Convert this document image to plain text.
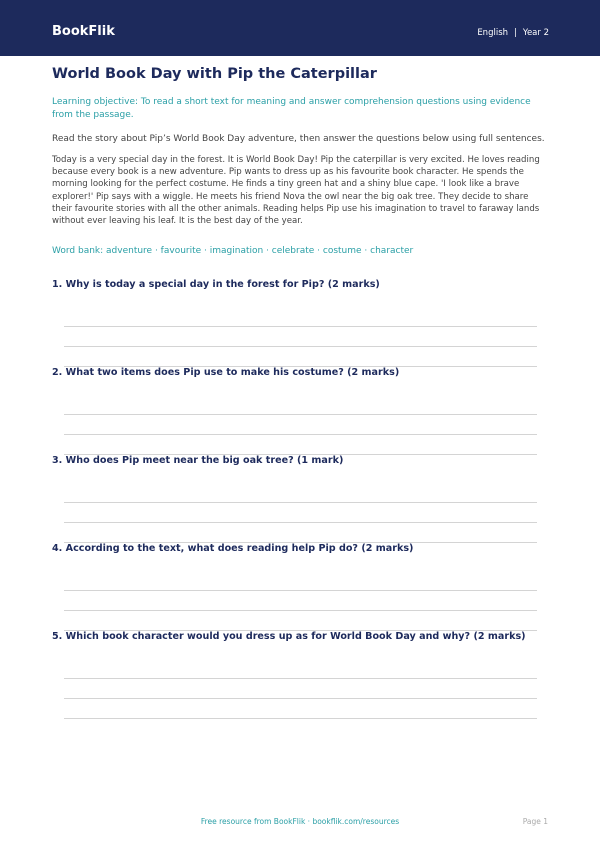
BookFlik	English | Year 2
World Book Day with Pip the Caterpillar
Learning objective: To read a short text for meaning and answer comprehension questions using evidence from the passage.
Read the story about Pip’s World Book Day adventure, then answer the questions below using full sentences.
Today is a very special day in the forest. It is World Book Day! Pip the caterpillar is very excited. He loves reading because every book is a new adventure. Pip wants to dress up as his favourite book character. He spends the morning looking for the perfect costume. He finds a tiny green hat and a shiny blue cape. 'I look like a brave explorer!' Pip says with a wiggle. He meets his friend Nova the owl near the big oak tree. They decide to share their favourite stories with all the other animals. Reading helps Pip use his imagination to travel to faraway lands without ever leaving his leaf. It is the best day of the year.
Word bank: adventure · favourite · imagination · celebrate · costume · character
1. Why is today a special day in the forest for Pip? (2 marks)
2. What two items does Pip use to make his costume? (2 marks)
3. Who does Pip meet near the big oak tree? (1 mark)
4. According to the text, what does reading help Pip do? (2 marks)
5. Which book character would you dress up as for World Book Day and why? (2 marks)
Free resource from BookFlik · bookflik.com/resources	Page 1
